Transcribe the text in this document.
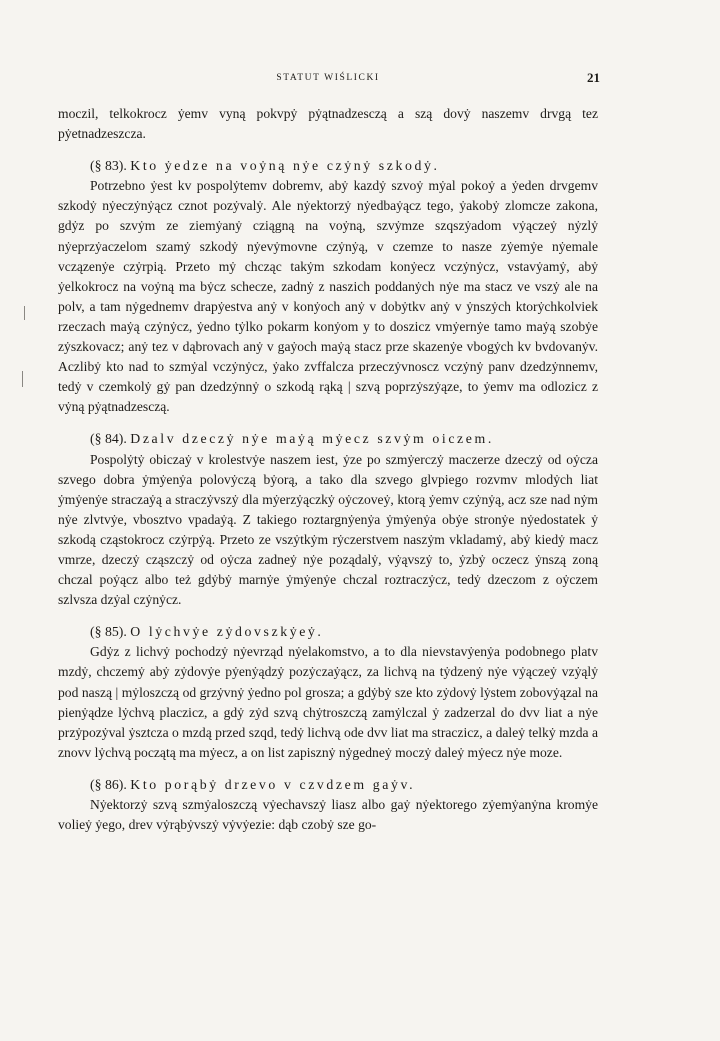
STATUT WIŚLICKI	21

moczil, telkokrocz ẏemv vyną pokvpẏ pẏątnadzesczą a szą dovẏ naszemv drvgą tez pẏetnadzeszcza.

(§ 83). Kto ẏedze na voẏną nẏe czẏnẏ szkodẏ.

Potrzebno ẏest kv pospolẏtemv dobremv, abẏ kazdẏ szvoẏ mẏal pokoẏ a ẏeden drvgemv szkodẏ nẏeczẏnẏącz cznot pozẏvalẏ. Ale nẏektorzẏ nẏedbaẏącz tego, ẏakobẏ zlomcze zakona, gdẏz po szvẏm ze ziemẏanẏ cziągną na voẏną, szvẏmze szqszẏadom vẏączeẏ nẏzlẏ nẏeprzẏaczelom szamẏ szkodẏ nẏevẏmovne czẏnẏą, v czemze to nasze zẏemẏe nẏemale vczązenẏe czẏrpią. Przeto mẏ chcząc takẏm szkodam konẏecz vczẏnẏcz, vstavẏamẏ, abẏ ẏelkokrocz na voẏną ma bẏcz schecze, zadnẏ z naszich poddanẏch nẏe ma stacz ve vszẏ ale na polv, a tam nẏgednemv drapẏestva anẏ v konẏoch anẏ v dobẏtkv anẏ v ẏnszẏch ktorẏchkolviek rzeczach maẏą czẏnẏcz, ẏedno tẏlko pokarm konẏom y to doszicz vmẏernẏe tamo maẏą szobẏe zẏszkovacz; anẏ tez v dąbrovach anẏ v gaẏoch maẏą stacz prze skazenẏe vbogẏch kv bvdovanẏv. Aczlibẏ kto nad to szmẏal vczẏnẏcz, ẏako zvffalcza przeczẏvnoscz vczẏnẏ panv dzedzẏnnemv, tedẏ v czemkolẏ gẏ pan dzedzẏnnẏ o szkodą rąką | szvą poprzẏszẏąze, to ẏemv ma odlozicz z vẏną pẏątnadzesczą.

(§ 84). Dzalv dzeczẏ nẏe maẏą mẏecz szvẏm oiczem.

Pospolẏtẏ obiczaẏ v krolestvẏe naszem iest, ẏze po szmẏerczẏ maczerze dzeczẏ od oẏcza szvego dobra ẏmẏenẏa polovẏczą bẏorą, a tako dla szvego glvpiego rozvmv mlodẏch liat ẏmẏenẏe straczaẏą a straczẏvszẏ dla mẏerzẏączkẏ oẏczoveẏ, ktorą ẏemv czẏnẏą, acz sze nad nẏm nẏe zlvtvẏe, vbosztvo vpadaẏą. Z takiego roztargnẏenẏa ẏmẏenẏa obẏe stronẏe nẏedostatek ẏ szkodą cząstokrocz czẏrpẏą. Przeto ze vszẏtkẏm rẏczerstvem naszẏm vkladamẏ, abẏ kiedẏ macz vmrze, dzeczẏ cząszczẏ od oẏcza zadneẏ nẏe poządalẏ, vẏąvszẏ to, ẏzbẏ oczecz ẏnszą zoną chczal poẏącz albo też gdẏbẏ marnẏe ẏmẏenẏe chczal roztraczẏcz, tedẏ dzeczom z oẏczem szlvsza dzẏal czẏnẏcz.

(§ 85). O lẏchvẏe zẏdovszkẏeẏ.

Gdẏz z lichvẏ pochodzẏ nẏevrząd nẏelakomstvo, a to dla nievstavẏenẏa podobnego platv mzdẏ, chczemẏ abẏ zẏdovẏe pẏenẏądzẏ pozẏczaẏącz, za lichvą na tẏdzenẏ nẏe vẏączeẏ vzẏąlẏ pod naszą | mẏloszczą od grzẏvnẏ ẏedno pol grosza; a gdẏbẏ sze kto zẏdovẏ lẏstem zobovẏązal na pienẏądze lẏchvą placzicz, a gdẏ zẏd szvą chẏtroszczą zamẏlczal ẏ zadzerzal do dvv liat a nẏe przẏpozẏval ẏsztcza o mzdą przed szqd, tedẏ lichvą ode dvv liat ma straczicz, a daleẏ telkẏ mzda a znovv lẏchvą początą ma mẏecz, a on list zapisznẏ nẏgedneẏ moczẏ daleẏ mẏecz nẏe moze.

(§ 86). Kto porąbẏ drzevo v czvdzem gaẏv.

Nẏektorzẏ szvą szmẏaloszczą vẏechavszẏ liasz albo gaẏ nẏektorego zẏemẏanẏna kromẏe volieẏ ẏego, drev vẏrąbẏvszẏ vẏvẏezie: dąb czobẏ sze go-
